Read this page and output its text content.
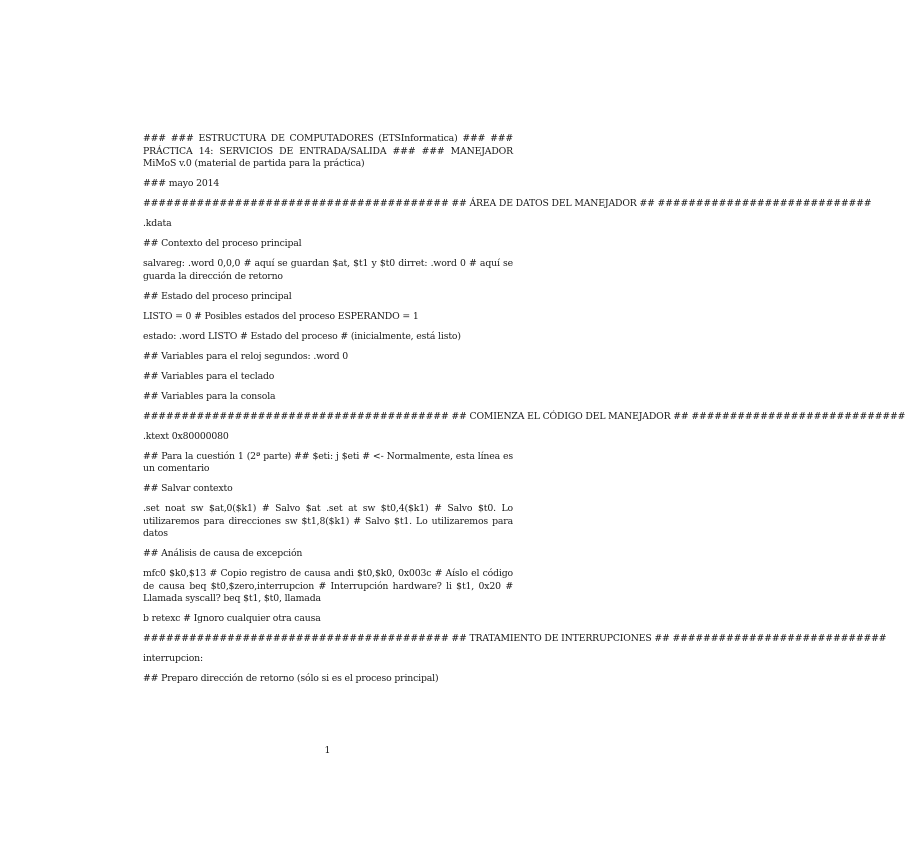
### ### ESTRUCTURA DE COMPUTADORES (ETSInformatica) ### ### PRÁCTICA 14: SERVICIOS DE ENTRADA/SALIDA ### ### MANEJADOR MiMoS v.0 (material de partida para la práctica)

### mayo 2014

######################################## ## ÁREA DE DATOS DEL MANEJADOR ## ############################

.kdata

## Contexto del proceso principal

salvareg: .word 0,0,0 # aquí se guardan $at, $t1 y $t0 dirret: .word 0 # aquí se guarda la dirección de retorno

## Estado del proceso principal

LISTO = 0 # Posibles estados del proceso ESPERANDO = 1

estado: .word LISTO # Estado del proceso # (inicialmente, está listo)

## Variables para el reloj segundos: .word 0

## Variables para el teclado

## Variables para la consola

######################################## ## COMIENZA EL CÓDIGO DEL MANEJADOR ## ############################

.ktext 0x80000080

## Para la cuestión 1 (2ª parte) ## $eti: j $eti # <- Normalmente, esta línea es un comentario

## Salvar contexto

.set noat sw $at,0($k1) # Salvo $at .set at sw $t0,4($k1) # Salvo $t0. Lo utilizaremos para direcciones sw $t1,8($k1) # Salvo $t1. Lo utilizaremos para datos

## Análisis de causa de excepción

mfc0 $k0,$13 # Copio registro de causa andi $t0,$k0, 0x003c # Aíslo el código de causa beq $t0,$zero,interrupcion # Interrupción hardware? li $t1, 0x20 # Llamada syscall? beq $t1, $t0, llamada

b retexc # Ignoro cualquier otra causa

######################################## ## TRATAMIENTO DE INTERRUPCIONES ## ############################

interrupcion:

## Preparo dirección de retorno (sólo si es el proceso principal)

1
